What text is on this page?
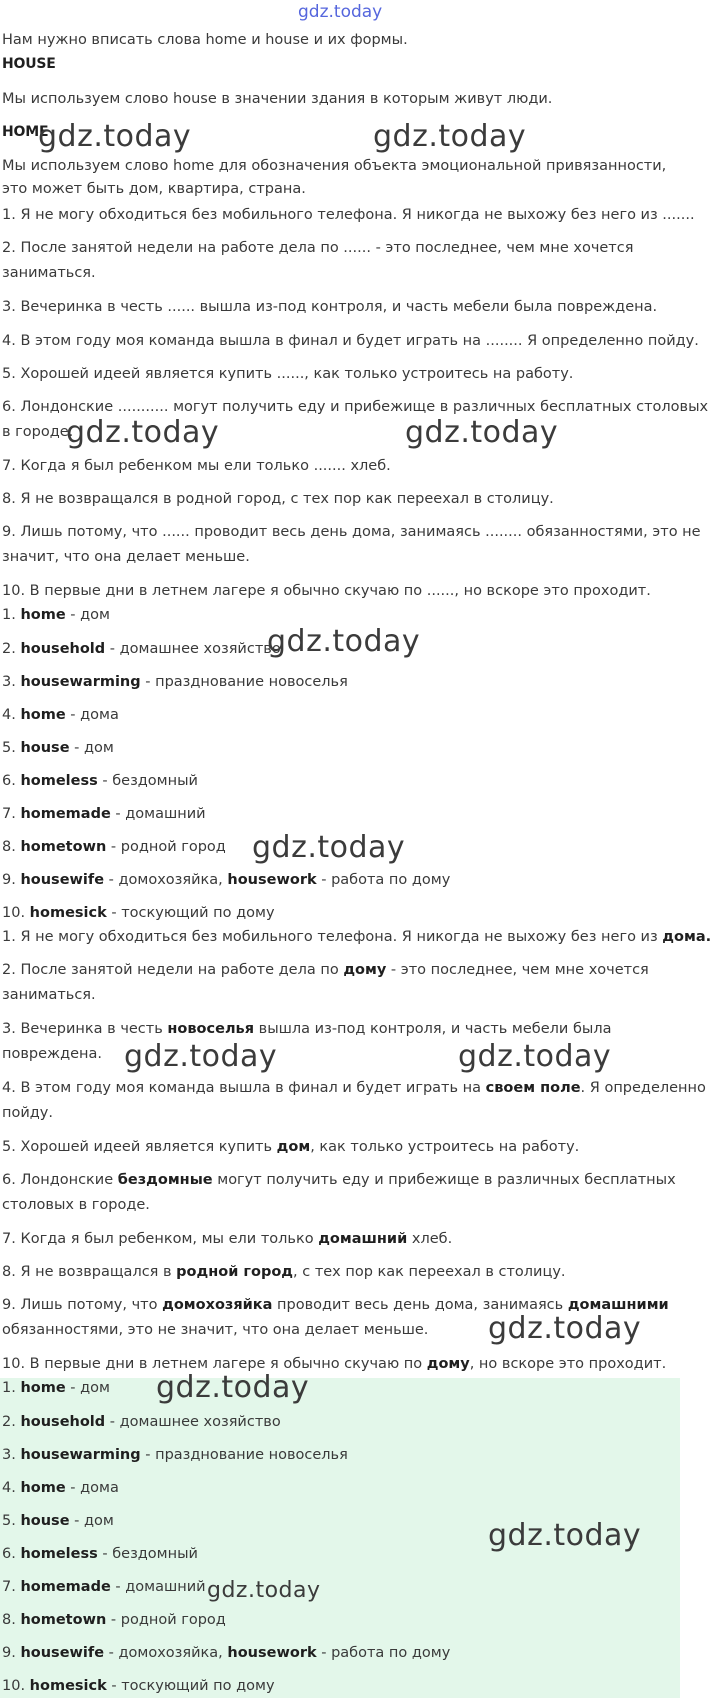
gdz.today
Нам нужно вписать слова home и house и их формы.
HOUSE
Мы используем слово house в значении здания в которым живут люди.
HOME
Мы используем слово home для обозначения объекта эмоциональной привязанности,
это может быть дом, квартира, страна.
1. Я не могу обходиться без мобильного телефона. Я никогда не выхожу без него из .......
2. После занятой недели на работе дела по ...... - это последнее, чем мне хочется
заниматься.
3. Вечеринка в честь ...... вышла из-под контроля, и часть мебели была повреждена.
4. В этом году моя команда вышла в финал и будет играть на ........ Я определенно пойду.
5. Хорошей идеей является купить ......, как только устроитесь на работу.
6. Лондонские ........... могут получить еду и прибежище в различных бесплатных столовых
в городе.
7. Когда я был ребенком мы ели только ....... хлеб.
8. Я не возвращался в родной город, с тех пор как переехал в столицу.
9. Лишь потому, что ...... проводит весь день дома, занимаясь ........ обязанностями, это не
значит, что она делает меньше.
10. В первые дни в летнем лагере я обычно скучаю по ......, но вскоре это проходит.
1. home - дом
2. household - домашнее хозяйство
3. housewarming - празднование новоселья
4. home - дома
5. house - дом
6. homeless - бездомный
7. homemade - домашний
8. hometown - родной город
9. housewife - домохозяйка, housework - работа по дому
10. homesick - тоскующий по дому
1. Я не могу обходиться без мобильного телефона. Я никогда не выхожу без него из дома.
2. После занятой недели на работе дела по дому - это последнее, чем мне хочется
заниматься.
3. Вечеринка в честь новоселья вышла из-под контроля, и часть мебели была
повреждена.
4. В этом году моя команда вышла в финал и будет играть на своем поле. Я определенно
пойду.
5. Хорошей идеей является купить дом, как только устроитесь на работу.
6. Лондонские бездомные могут получить еду и прибежище в различных бесплатных
столовых в городе.
7. Когда я был ребенком, мы ели только домашний хлеб.
8. Я не возвращался в родной город, с тех пор как переехал в столицу.
9. Лишь потому, что домохозяйка проводит весь день дома, занимаясь домашними
обязанностями, это не значит, что она делает меньше.
10. В первые дни в летнем лагере я обычно скучаю по дому, но вскоре это проходит.
1. home - дом
2. household - домашнее хозяйство
3. housewarming - празднование новоселья
4. home - дома
5. house - дом
6. homeless - бездомный
7. homemade - домашний
8. hometown - родной город
9. housewife - домохозяйка, housework - работа по дому
10. homesick - тоскующий по дому
gdz.today	gdz.today
gdz.today	gdz.today
gdz.today
gdz.today
gdz.today	gdz.today
gdz.today
gdz.today
gdz.today
gdz.today
